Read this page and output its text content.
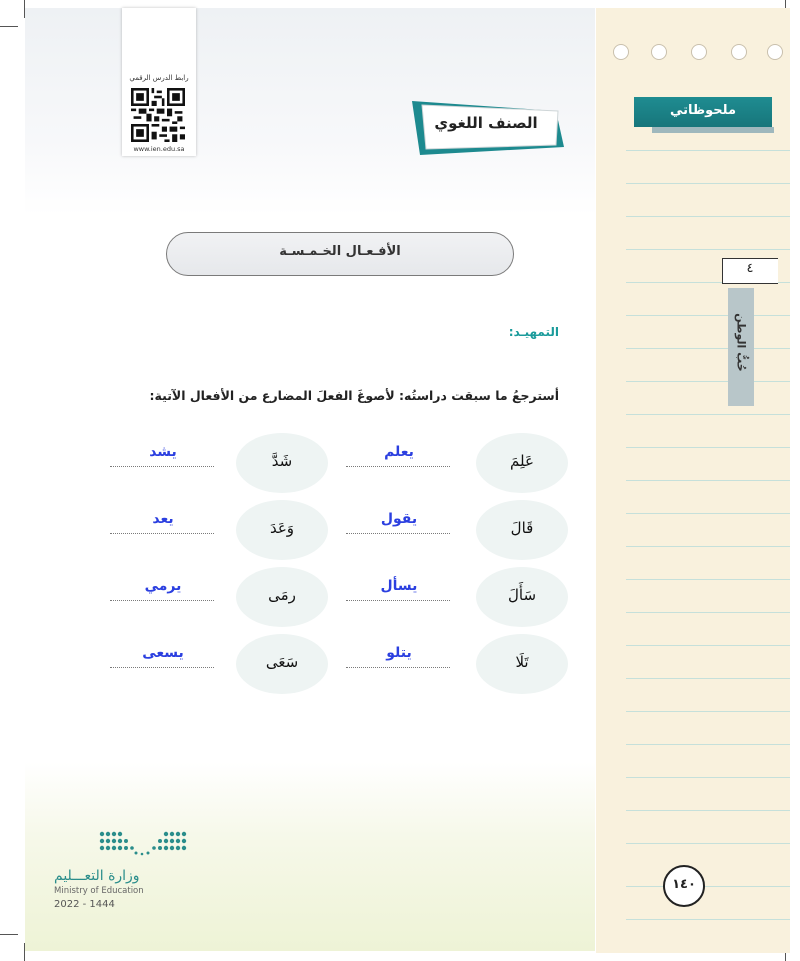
رابط الدرس الرقمي
www.ien.edu.sa
الصنف اللغوي
الأفـعـال الخـمـسـة
التمهيـد:
أسترجعُ ما سبقت دراستُه: لأصوغَ الفعلَ المضارع من الأفعال الآتية:
عَلِمَ
يعلم
شَدَّ
يشد
قَالَ
يقول
وَعَدَ
يعد
سَأَلَ
يسأل
رمَى
يرمي
تَلَا
يتلو
سَعَى
يسعى
وزارة التعـــليم
Ministry of Education
2022 - 1444
ملحوظاتي
٤
حُبُّ الوطن
١٤٠
